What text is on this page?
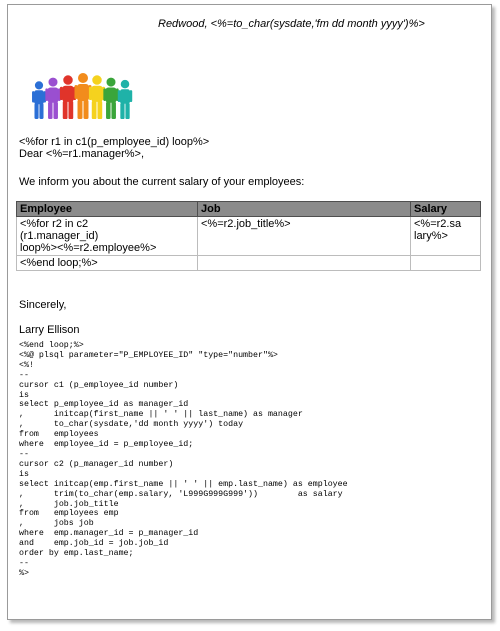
Redwood, <%=to_char(sysdate,'fm dd month yyyy')%>
<%for r1 in c1(p_employee_id) loop%>
Dear <%=r1.manager%>,
We inform you about the current salary of your employees:
Employee	Job	Salary
<%for r2 in c2
(r1.manager_id)
loop%><%=r2.employee%>	<%=r2.job_title%>	<%=r2.sa
lary%>
<%end loop;%>		
Sincerely,
Larry Ellison
<%end loop;%>
<%@ plsql parameter="P_EMPLOYEE_ID" "type="number"%>
<%!
--
cursor c1 (p_employee_id number)
is
select p_employee_id as manager_id
,      initcap(first_name || ' ' || last_name) as manager
,      to_char(sysdate,'dd month yyyy') today
from   employees
where  employee_id = p_employee_id;
--
cursor c2 (p_manager_id number)
is
select initcap(emp.first_name || ' ' || emp.last_name) as employee
,      trim(to_char(emp.salary, 'L999G999G999'))        as salary
,      job.job_title
from   employees emp
,      jobs job
where  emp.manager_id = p_manager_id
and    emp.job_id = job.job_id
order by emp.last_name;
--
%>
